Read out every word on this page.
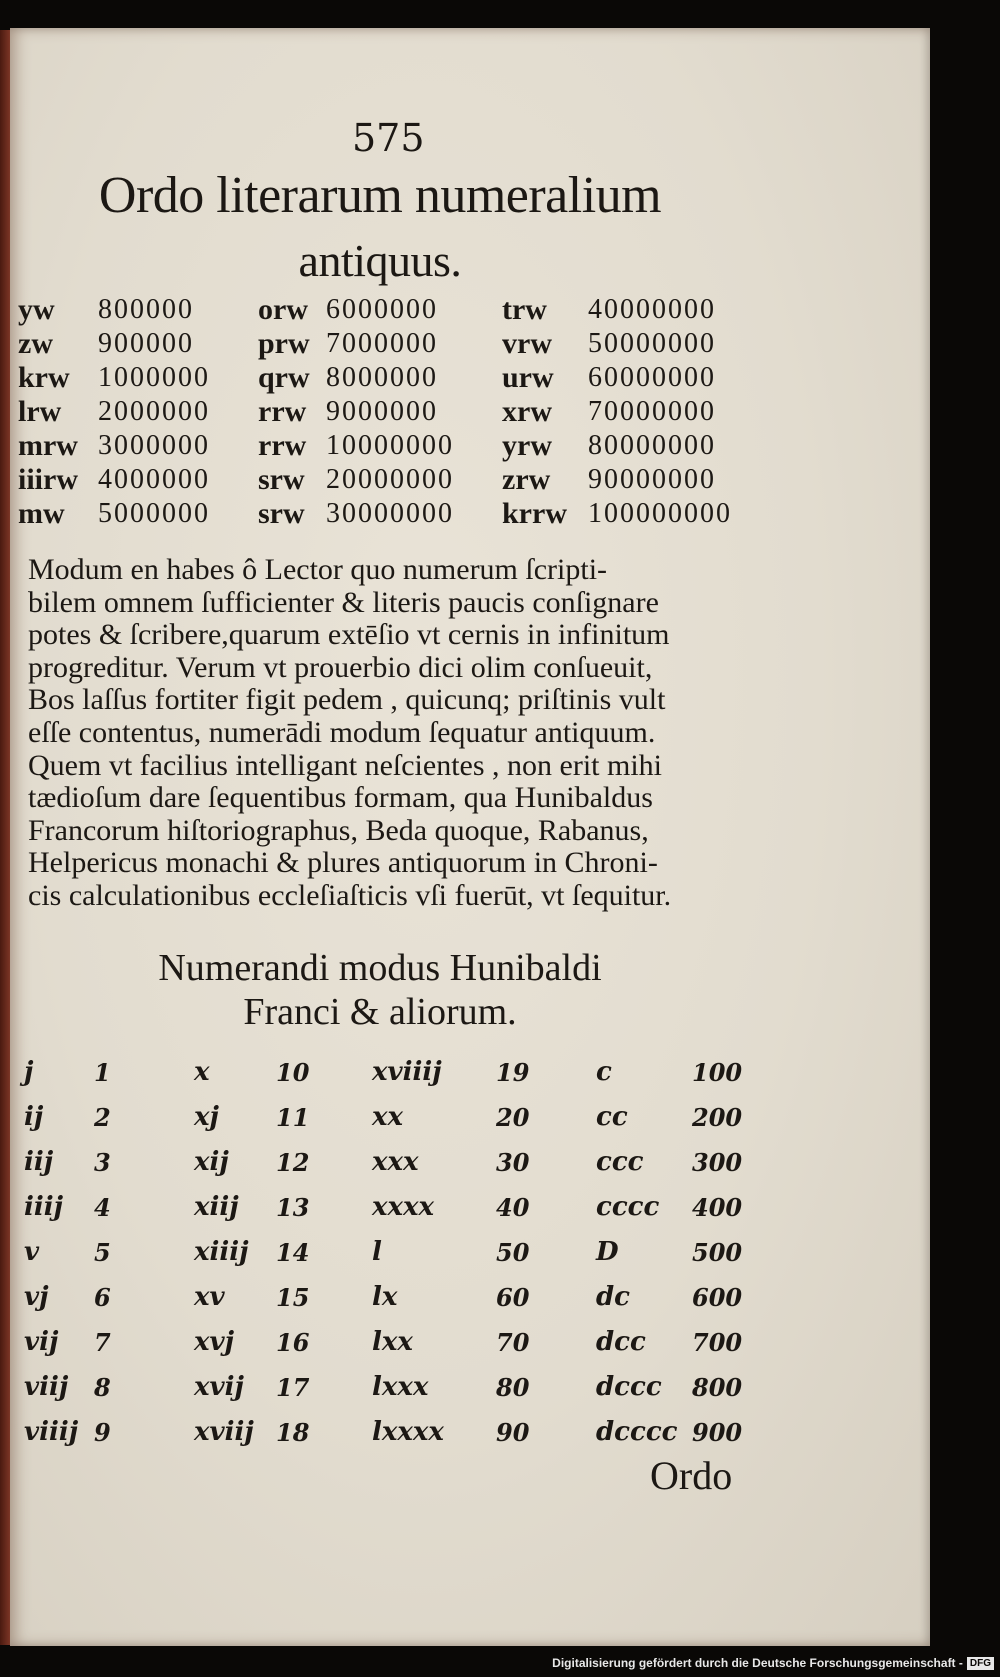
575
Ordo literarum numeralium
antiquus.
yw	800000	orw 6000000	trw	40000000
zw	900000	prw 7000000	vrw	50000000
krw	1000000	qrw 8000000	urw	60000000
lrw	2000000	rrw 9000000	xrw	70000000
mrw 3000000	rrw 10000000	yrw	80000000
iiirw 4000000	srw 20000000	zrw	90000000
mw	5000000	srw 30000000	krrw 100000000
Modum en habes ô Lector quo numerum ſcripti-
bilem omnem ſufficienter & literis paucis conſignare
potes & ſcribere,quarum extēſio vt cernis in infinitum
progreditur. Verum vt prouerbio dici olim conſueuit,
Bos laſſus fortiter figit pedem , quicunq; priſtinis vult
eſſe contentus, numerādi modum ſequatur antiquum.
Quem vt facilius intelligant neſcientes , non erit mihi
tædioſum dare ſequentibus formam, qua Hunibaldus
Francorum hiſtoriographus, Beda quoque, Rabanus,
Helpericus monachi & plures antiquorum in Chroni-
cis calculationibus eccleſiaſticis vſi fuerūt, vt ſequitur.
Numerandi modus Hunibaldi
Franci & aliorum.
j	1	x	10	xviiij	19	c	100
ij	2	xj	11	xx	20	cc	200
iij	3	xij	12	xxx	30	ccc	300
iiij	4	xiij	13	xxxx	40	cccc	400
v	5	xiiij	14	l	50	D	500
vj	6	xv	15	lx	60	dc	600
vij	7	xvj	16	lxx	70	dcc	700
viij	8	xvij	17	lxxx	80	dccc	800
viiij 9	xviij 18	lxxxx	90	dcccc 900
Ordo
Digitalisierung gefördert durch die Deutsche Forschungsgemeinschaft - DFG
